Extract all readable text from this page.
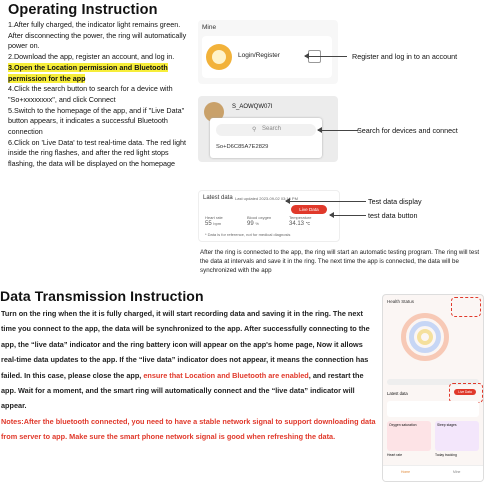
Operating Instruction
1.After fully charged, the indicator light remains green. After disconnecting the power, the ring will automatically power on.
2.Download the app, register an account, and log in.
3.Open the Location permission and Bluetooth permission for the app
4.Click the search button to search for a device with "So+xxxxxxxx", and click Connect
5.Switch to the homepage of the app, and if "Live Data" button appears, it indicates a successful Bluetooth connection
6.Click on 'Live Data' to test real-time data. The red light inside the ring flashes, and after the red light stops flashing, the data will be displayed on the homepage
Mine
Login/Register	Register and log in to an account
S_AOWQW07I
⚲ Search
So+D6C85A7E2829
Search for devices and connect
Latest data Last updated 2023-09-02 03:16 PM
Live Data
Heart rate	Blood oxygen	Temperature
55 bpm	99 %	34.13 ℃
* Data is for reference, not for medical diagnosis
Test data display
test data button
After the ring is connected to the app, the ring will start an automatic testing program. The ring will test the data at intervals and save it in the ring. The next time the app is connected, the data will be synchronized with the app
Data Transmission Instruction
Turn on the ring when the it is fully charged, it will start recording data and saving it in the ring. The next time you connect to the app, the data will be synchronized to the app. After successfully connecting to the app, the “live data” indicator and the ring battery icon will appear on the app's home page, Now it allows real-time data updates to the app. If the “live data” indicator does not appear, it means the connection has failed. In this case, please close the app, ensure that Location and Bluetooth are enabled, and restart the app. Wait for a moment, and the smart ring will automatically connect and the “live data” indicator will appear.
Notes:After the bluetooth connected, you need to have a stable network signal to support downloading data from server to app. Make sure the smart phone network signal is good when refreshing the data.
Health Status
Latest data	Live Data
Oxygen saturation	Sleep stages
Heart rate	Today tracking
Home	Mine
